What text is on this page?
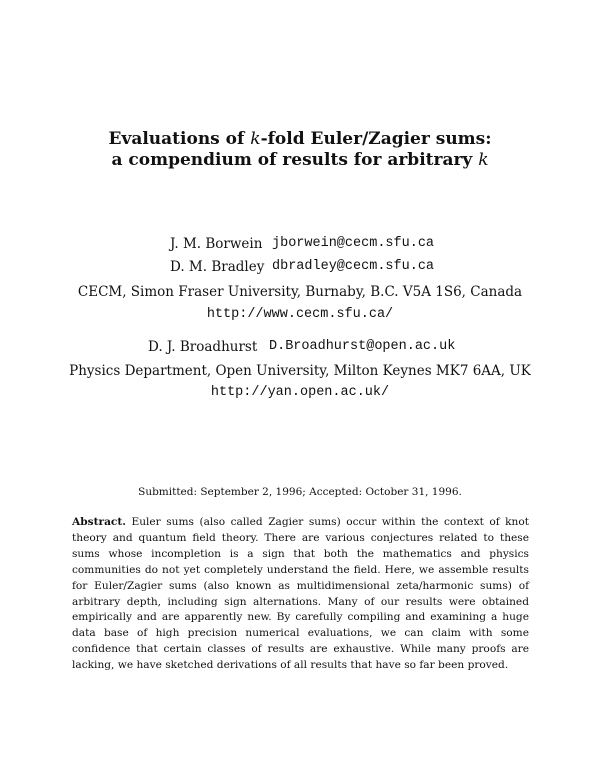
Evaluations of k-fold Euler/Zagier sums:
a compendium of results for arbitrary k
J. M. Borwein jborwein@cecm.sfu.ca
D. M. Bradley dbradley@cecm.sfu.ca
CECM, Simon Fraser University, Burnaby, B.C. V5A 1S6, Canada
http://www.cecm.sfu.ca/
D. J. Broadhurst D.Broadhurst@open.ac.uk
Physics Department, Open University, Milton Keynes MK7 6AA, UK
http://yan.open.ac.uk/
Submitted: September 2, 1996; Accepted: October 31, 1996.
Abstract. Euler sums (also called Zagier sums) occur within the context of knot theory and quantum field theory. There are various conjectures related to these sums whose incompletion is a sign that both the mathematics and physics communities do not yet completely understand the field. Here, we assemble results for Euler/Zagier sums (also known as multidimensional zeta/harmonic sums) of arbitrary depth, including sign alternations. Many of our results were obtained empirically and are apparently new. By carefully compiling and examining a huge data base of high precision numerical evaluations, we can claim with some confidence that certain classes of results are exhaustive. While many proofs are lacking, we have sketched derivations of all results that have so far been proved.
